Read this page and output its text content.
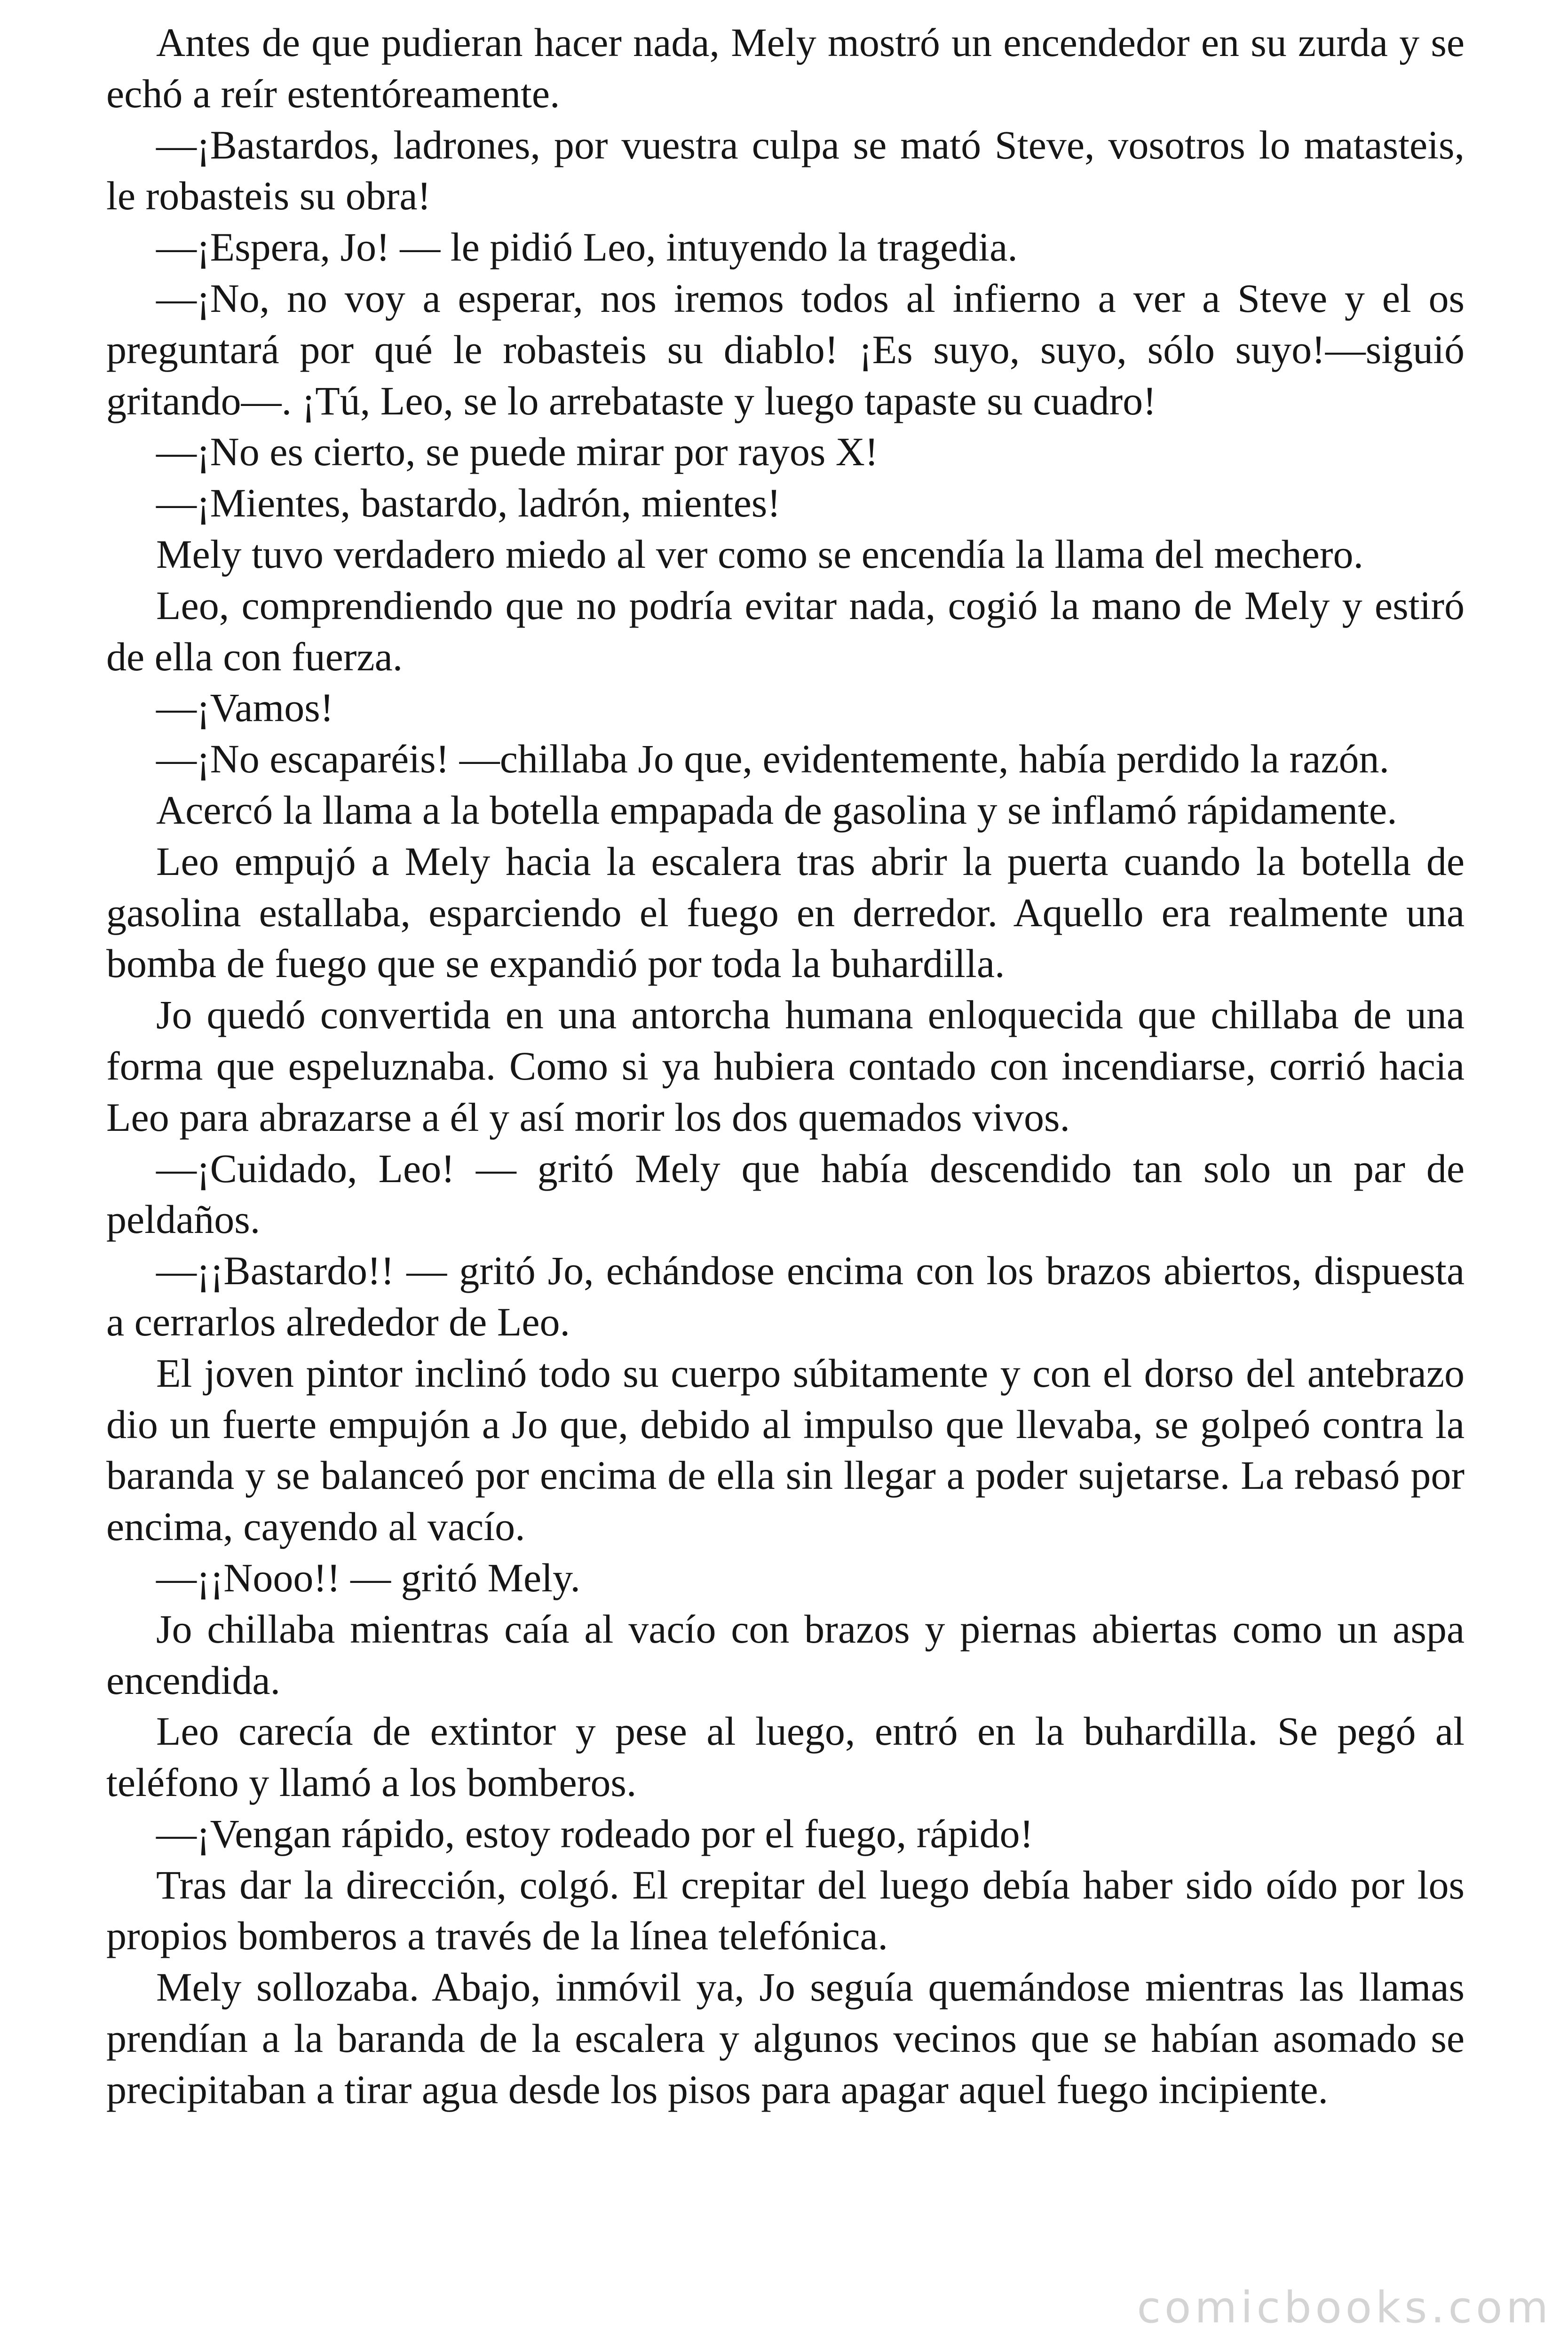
Antes de que pudieran hacer nada, Mely mostró un encendedor en su zurda y se echó a reír estentóreamente.

—¡Bastardos, ladrones, por vuestra culpa se mató Steve, vosotros lo matasteis, le robasteis su obra!

—¡Espera, Jo! — le pidió Leo, intuyendo la tragedia.

—¡No, no voy a esperar, nos iremos todos al infierno a ver a Steve y el os preguntará por qué le robasteis su diablo! ¡Es suyo, suyo, sólo suyo!—siguió gritando—. ¡Tú, Leo, se lo arrebataste y luego tapaste su cuadro!

—¡No es cierto, se puede mirar por rayos X!

—¡Mientes, bastardo, ladrón, mientes!

Mely tuvo verdadero miedo al ver como se encendía la llama del mechero.

Leo, comprendiendo que no podría evitar nada, cogió la mano de Mely y estiró de ella con fuerza.

—¡Vamos!

—¡No escaparéis! —chillaba Jo que, evidentemente, había perdido la razón.

Acercó la llama a la botella empapada de gasolina y se inflamó rápidamente.

Leo empujó a Mely hacia la escalera tras abrir la puerta cuando la botella de gasolina estallaba, esparciendo el fuego en derredor. Aquello era realmente una bomba de fuego que se expandió por toda la buhardilla.

Jo quedó convertida en una antorcha humana enloquecida que chillaba de una forma que espeluznaba. Como si ya hubiera contado con incendiarse, corrió hacia Leo para abrazarse a él y así morir los dos quemados vivos.

—¡Cuidado, Leo! — gritó Mely que había descendido tan solo un par de peldaños.

—¡¡Bastardo!! — gritó Jo, echándose encima con los brazos abiertos, dispuesta a cerrarlos alrededor de Leo.

El joven pintor inclinó todo su cuerpo súbitamente y con el dorso del antebrazo dio un fuerte empujón a Jo que, debido al impulso que llevaba, se golpeó contra la baranda y se balanceó por encima de ella sin llegar a poder sujetarse. La rebasó por encima, cayendo al vacío.

—¡¡Nooo!! — gritó Mely.

Jo chillaba mientras caía al vacío con brazos y piernas abiertas como un aspa encendida.

Leo carecía de extintor y pese al luego, entró en la buhardilla. Se pegó al teléfono y llamó a los bomberos.

—¡Vengan rápido, estoy rodeado por el fuego, rápido!

Tras dar la dirección, colgó. El crepitar del luego debía haber sido oído por los propios bomberos a través de la línea telefónica.

Mely sollozaba. Abajo, inmóvil ya, Jo seguía quemándose mientras las llamas prendían a la baranda de la escalera y algunos vecinos que se habían asomado se precipitaban a tirar agua desde los pisos para apagar aquel fuego incipiente.

comicbooks.com
